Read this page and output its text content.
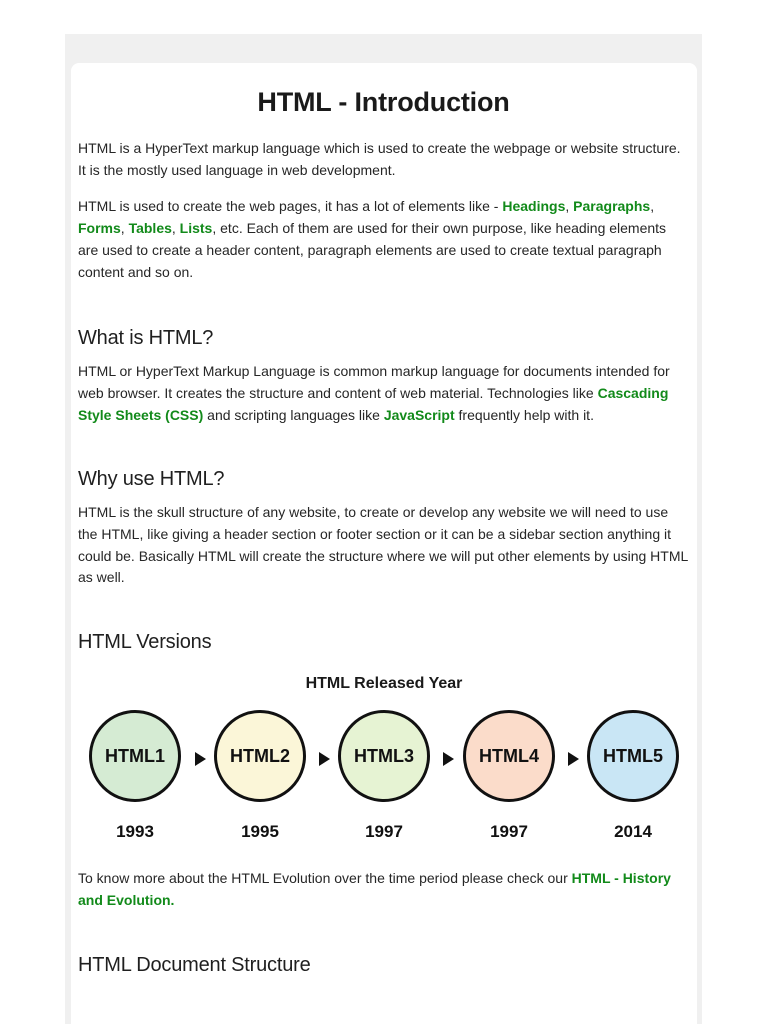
HTML - Introduction

HTML is a HyperText markup language which is used to create the webpage or website structure. It is the mostly used language in web development.

HTML is used to create the web pages, it has a lot of elements like - Headings, Paragraphs, Forms, Tables, Lists, etc. Each of them are used for their own purpose, like heading elements are used to create a header content, paragraph elements are used to create textual paragraph content and so on.

What is HTML?

HTML or HyperText Markup Language is common markup language for documents intended for web browser. It creates the structure and content of web material. Technologies like Cascading Style Sheets (CSS) and scripting languages like JavaScript frequently help with it.

Why use HTML?

HTML is the skull structure of any website, to create or develop any website we will need to use the HTML, like giving a header section or footer section or it can be a sidebar section anything it could be. Basically HTML will create the structure where we will put other elements by using HTML as well.

HTML Versions
HTML Released Year
HTML1
1993
HTML2
1995
HTML3
1997
HTML4
1997
HTML5
2014

To know more about the HTML Evolution over the time period please check our HTML - History and Evolution.

HTML Document Structure
